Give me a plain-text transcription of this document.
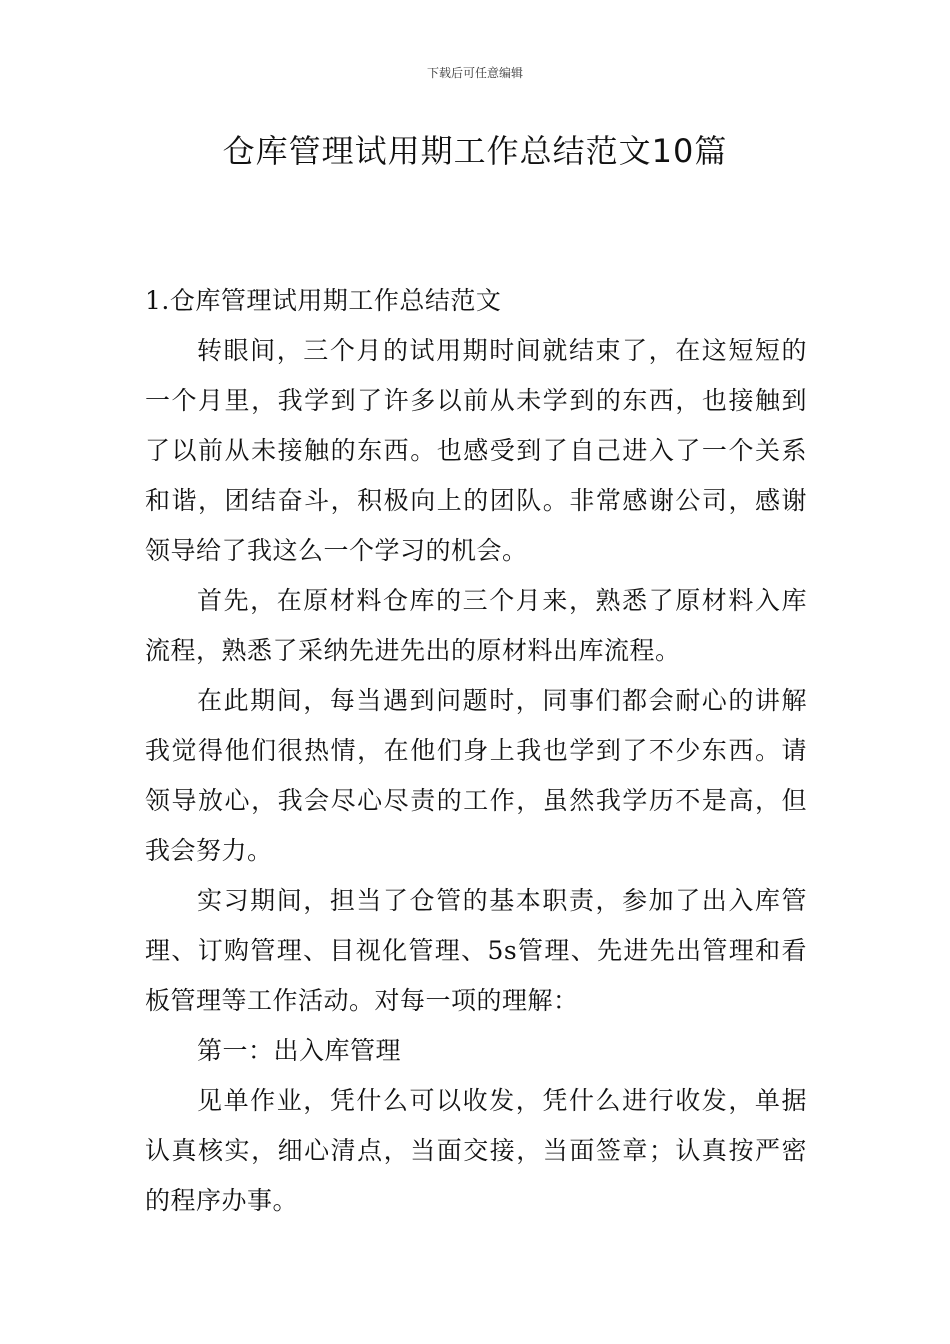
下载后可任意编辑
仓库管理试用期工作总结范文10篇

1.仓库管理试用期工作总结范文

转眼间，三个月的试用期时间就结束了，在这短短的一个月里，我学到了许多以前从未学到的东西，也接触到了以前从未接触的东西。也感受到了自己进入了一个关系和谐，团结奋斗，积极向上的团队。非常感谢公司，感谢领导给了我这么一个学习的机会。

首先，在原材料仓库的三个月来，熟悉了原材料入库流程，熟悉了采纳先进先出的原材料出库流程。

在此期间，每当遇到问题时，同事们都会耐心的讲解我觉得他们很热情，在他们身上我也学到了不少东西。请领导放心，我会尽心尽责的工作，虽然我学历不是高，但我会努力。

实习期间，担当了仓管的基本职责，参加了出入库管理、订购管理、目视化管理、5s管理、先进先出管理和看板管理等工作活动。对每一项的理解：

第一：出入库管理

见单作业，凭什么可以收发，凭什么进行收发，单据认真核实，细心清点，当面交接，当面签章；认真按严密的程序办事。
